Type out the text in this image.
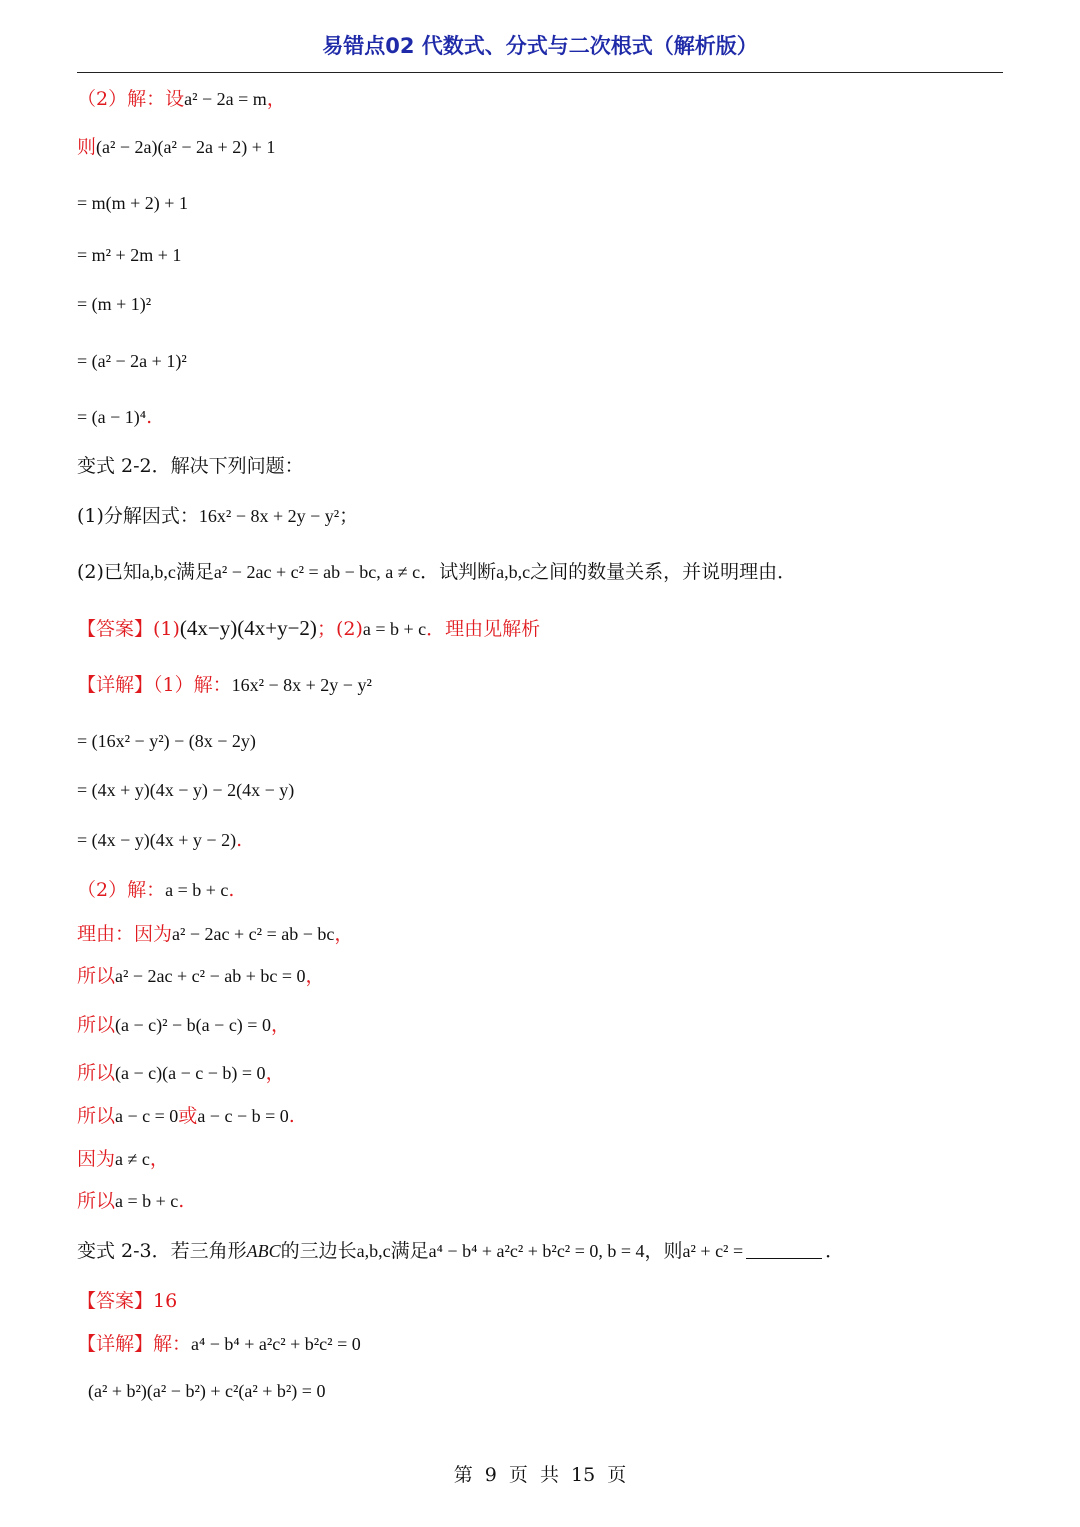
易错点02 代数式、分式与二次根式（解析版）
（2）解：设a² − 2a = m，
则(a² − 2a)(a² − 2a + 2) + 1
= m(m + 2) + 1
= m² + 2m + 1
= (m + 1)²
= (a² − 2a + 1)²
= (a − 1)⁴.
变式 2-2．解决下列问题：
(1)分解因式：16x² − 8x + 2y − y²；
(2)已知a,b,c满足a² − 2ac + c² = ab − bc, a ≠ c．试判断a,b,c之间的数量关系，并说明理由．
【答案】(1)(4x−y)(4x+y−2)；(2)a = b + c．理由见解析
【详解】（1）解：16x² − 8x + 2y − y²
= (16x² − y²) − (8x − 2y)
= (4x + y)(4x − y) − 2(4x − y)
= (4x − y)(4x + y − 2).
（2）解：a = b + c.
理由：因为a² − 2ac + c² = ab − bc，
所以a² − 2ac + c² − ab + bc = 0，
所以(a − c)² − b(a − c) = 0，
所以(a − c)(a − c − b) = 0，
所以a − c = 0或a − c − b = 0.
因为a ≠ c，
所以a = b + c.
变式 2-3．若三角形ABC的三边长a,b,c满足a⁴ − b⁴ + a²c² + b²c² = 0, b = 4，则a² + c² =	．
【答案】16
【详解】解：a⁴ − b⁴ + a²c² + b²c² = 0
(a² + b²)(a² − b²) + c²(a² + b²) = 0
第 9 页 共 15 页
